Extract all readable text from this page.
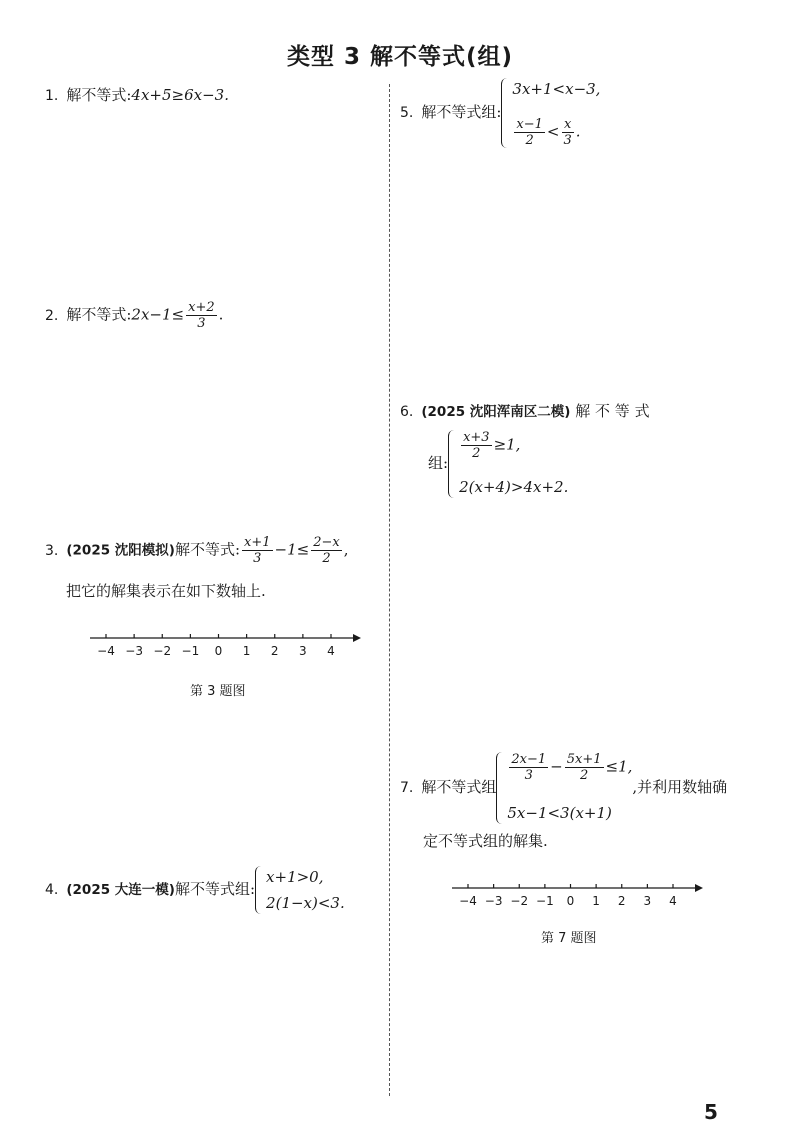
类型 3 解不等式(组)
1. 解不等式:4x+5≥6x−3.
2. 解不等式:2x−1≤ $\frac{x+2}{3}$ .
3. (2025 沈阳模拟)解不等式: $\frac{x+1}{3} -1\le \frac{2-x}{2}$ ,
把它的解集表示在如下数轴上.
−4 −3 −2 −1 0 1 2 3 4
第 3 题图
4. (2025 大连一模)解不等式组:
x+1>0,
2(1−x)<3.
5. 解不等式组:
3x+1<x−3,
$\frac{x-1}{2} < \frac{x}{3}$ .
6. (2025 沈阳浑南区二模) 解 不 等 式
组:
$\frac{x+3}{2} \ge 1$,
2(x+4)>4x+2.
7. 解不等式组
$\frac{2x-1}{3} - \frac{5x+1}{2} \le 1$,
5x−1<3(x+1)
,并利用数轴确
定不等式组的解集.
−4 −3 −2 −1 0 1 2 3 4
第 7 题图
5
